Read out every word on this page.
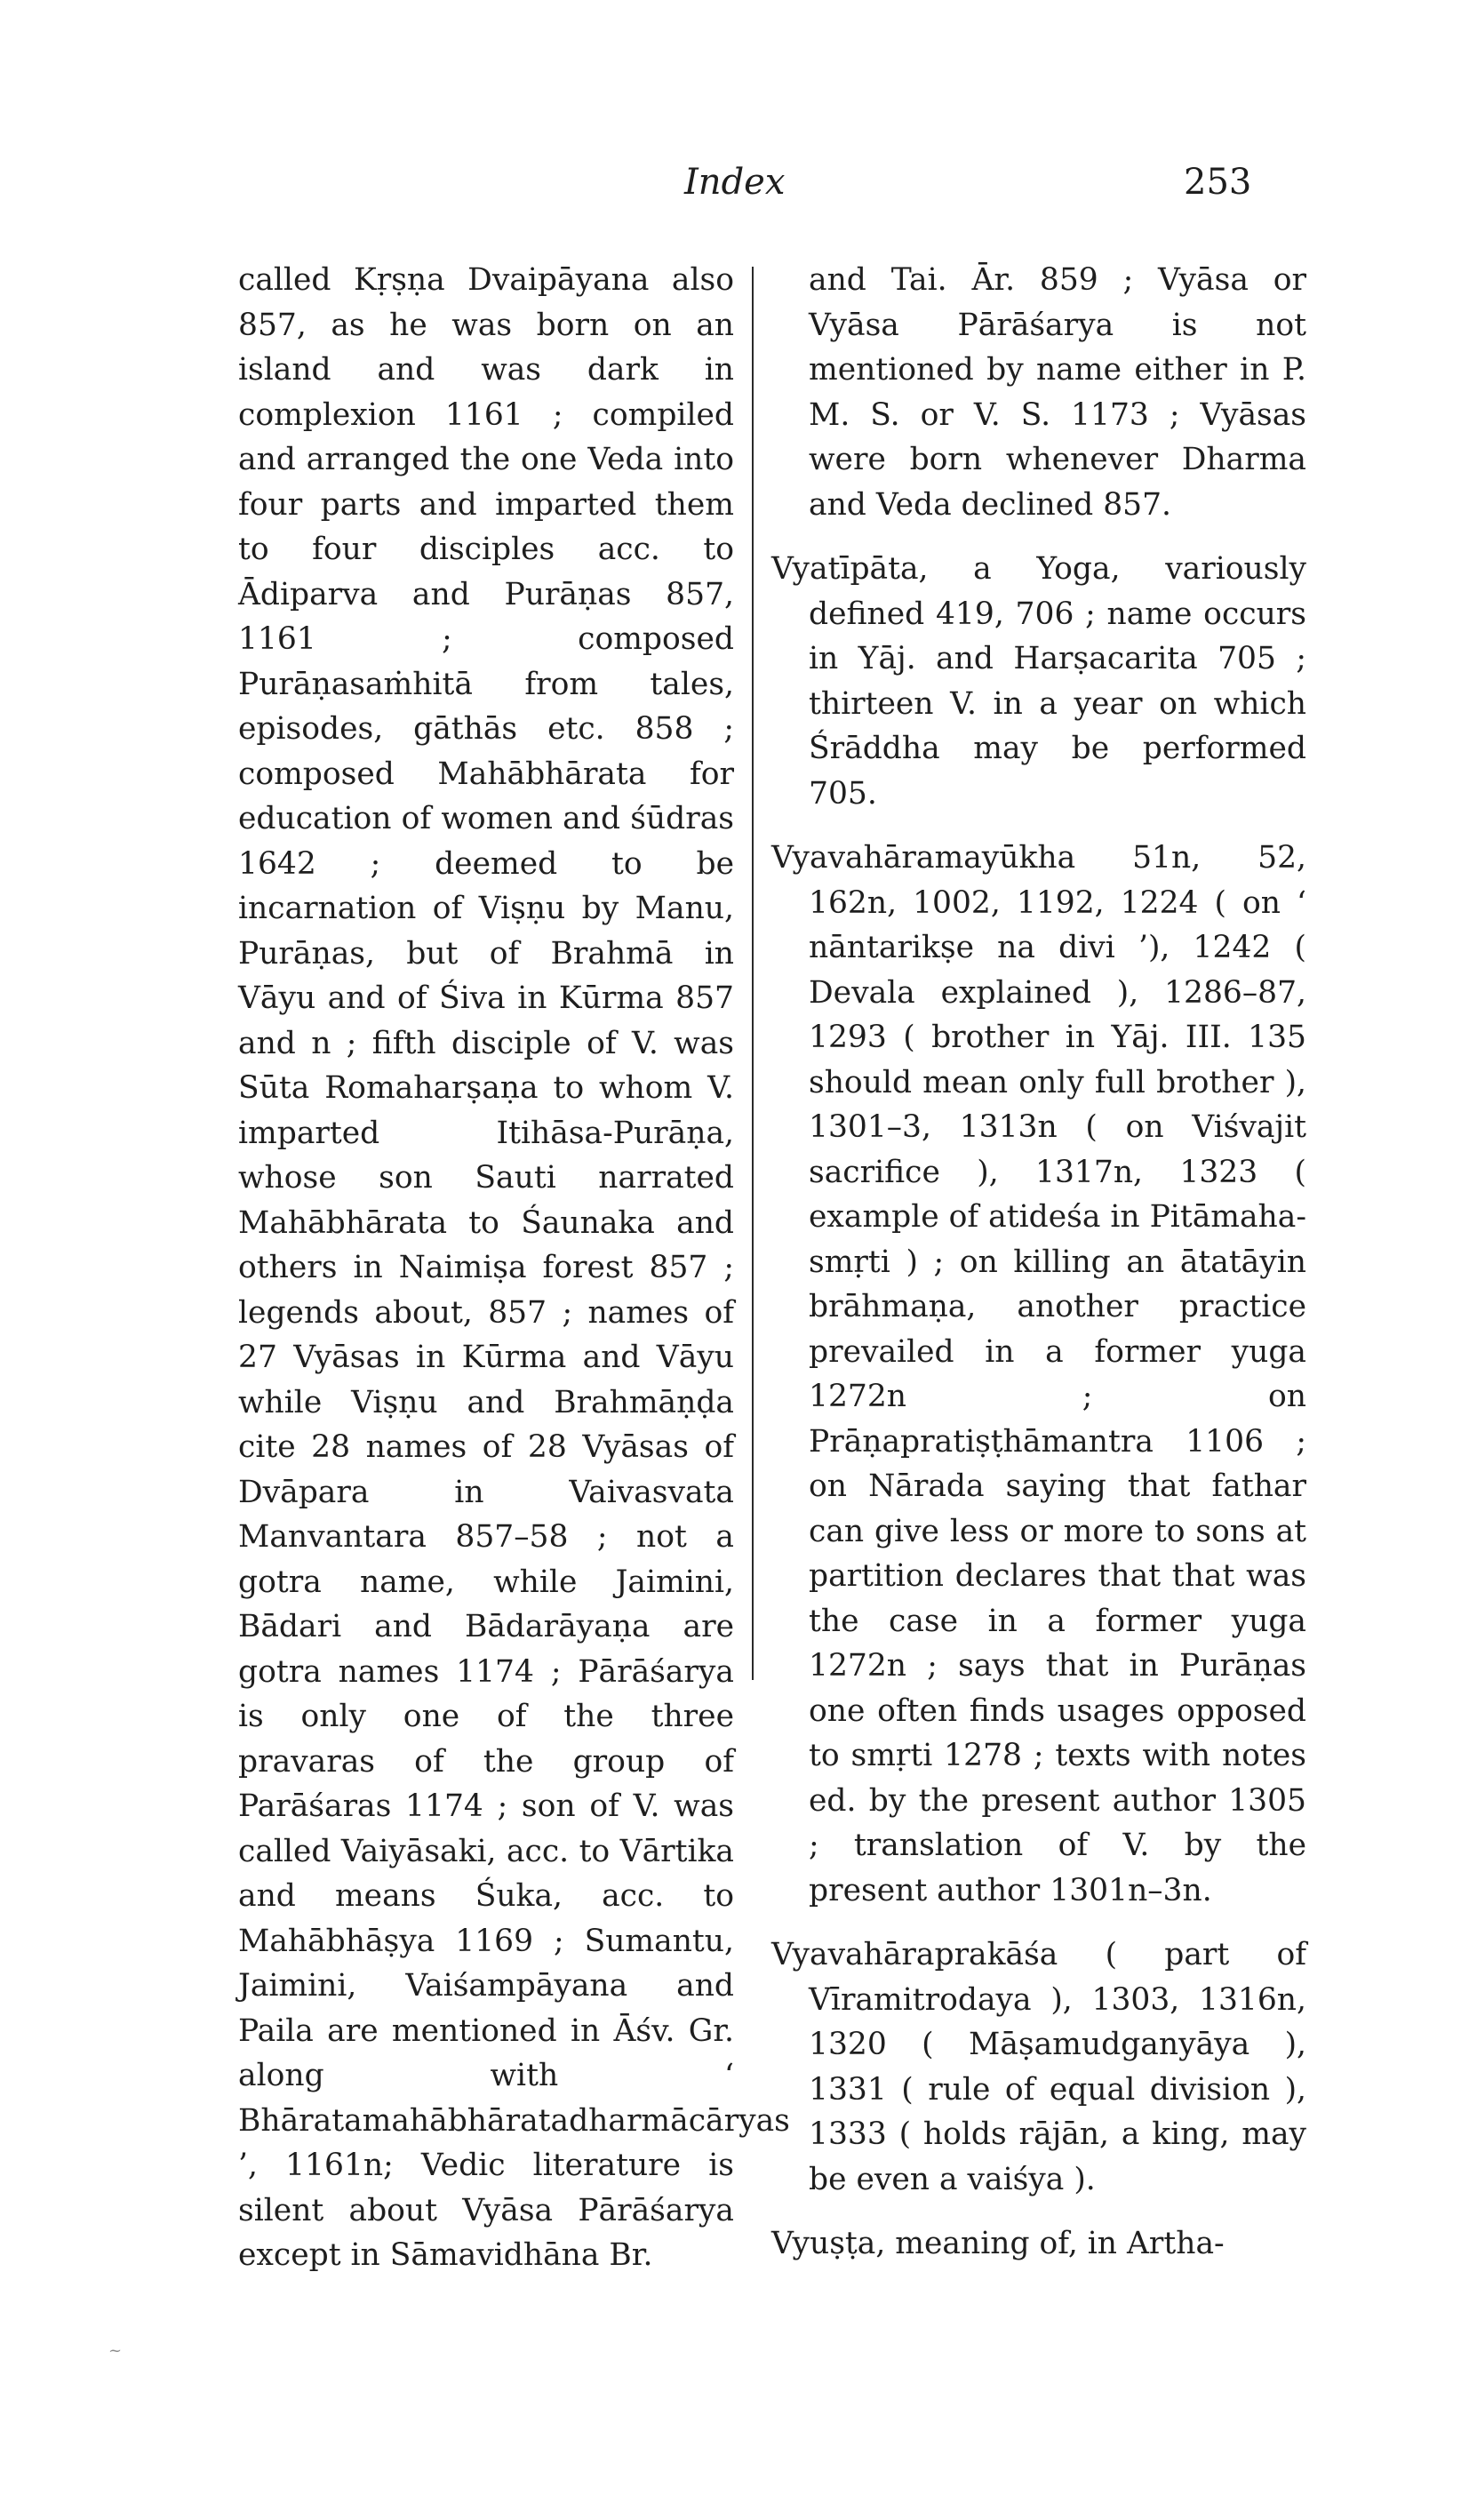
Index	253
called Kṛṣṇa Dvaipāyana also 857, as he was born on an island and was dark in complexion 1161 ; compiled and arranged the one Veda into four parts and imparted them to four disciples acc. to Ādiparva and Purāṇas 857, 1161 ; composed Purāṇasaṁhitā from tales, episodes, gāthās etc. 858 ; composed Mahābhārata for education of women and śūdras 1642 ; deemed to be incarnation of Viṣṇu by Manu, Purāṇas, but of Brahmā in Vāyu and of Śiva in Kūrma 857 and n ; fifth disciple of V. was Sūta Romaharṣaṇa to whom V. imparted Itihāsa-Purāṇa, whose son Sauti narrated Mahābhārata to Śaunaka and others in Naimiṣa forest 857 ; legends about, 857 ; names of 27 Vyāsas in Kūrma and Vāyu while Viṣṇu and Brahmāṇḍa cite 28 names of 28 Vyāsas of Dvāpara in Vaivasvata Manvantara 857–58 ; not a gotra name, while Jaimini, Bādari and Bādarāyaṇa are gotra names 1174 ; Pārāśarya is only one of the three pravaras of the group of Parāśaras 1174 ; son of V. was called Vaiyāsaki, acc. to Vārtika and means Śuka, acc. to Mahābhāṣya 1169 ; Sumantu, Jaimini, Vaiśampāyana and Paila are mentioned in Āśv. Gr. along with ‘ Bhāratamahābhāratadharmācāryas ’, 1161n; Vedic literature is silent about Vyāsa Pārāśarya except in Sāmavidhāna Br.

and Tai. Ār. 859 ; Vyāsa or Vyāsa Pārāśarya is not mentioned by name either in P. M. S. or V. S. 1173 ; Vyāsas were born whenever Dharma and Veda declined 857.

Vyatīpāta, a Yoga, variously defined 419, 706 ; name occurs in Yāj. and Harṣacarita 705 ; thirteen V. in a year on which Śrāddha may be performed 705.

Vyavahāramayūkha 51n, 52, 162n, 1002, 1192, 1224 ( on ‘ nāntarikṣe na divi ’), 1242 ( Devala explained ), 1286–87, 1293 ( brother in Yāj. III. 135 should mean only full brother ), 1301–3, 1313n ( on Viśvajit sacrifice ), 1317n, 1323 ( example of atideśa in Pitāmaha-smṛti ) ; on killing an ātatāyin brāhmaṇa, another practice prevailed in a former yuga 1272n ; on Prāṇapratiṣṭhāmantra 1106 ; on Nārada saying that fathar can give less or more to sons at partition declares that that was the case in a former yuga 1272n ; says that in Purāṇas one often finds usages opposed to smṛti 1278 ; texts with notes ed. by the present author 1305 ; translation of V. by the present author 1301n–3n.

Vyavahāraprakāśa ( part of Vīramitrodaya ), 1303, 1316n, 1320 ( Māṣamudganyāya ), 1331 ( rule of equal division ), 1333 ( holds rājān, a king, may be even a vaiśya ).

Vyuṣṭa, meaning of, in Artha-

~
